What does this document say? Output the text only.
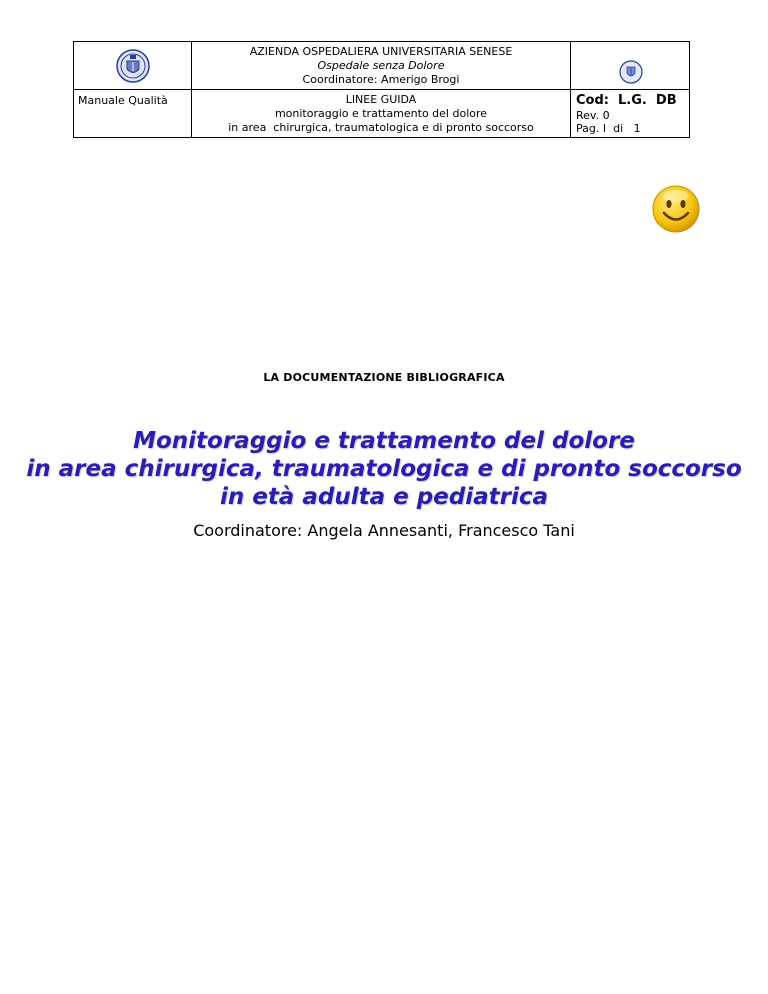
AZIENDA OSPEDALIERA UNIVERSITARIA SENESE
Ospedale senza Dolore
Coordinatore: Amerigo Brogi
Manuale Qualità	LINEE GUIDA
monitoraggio e trattamento del dolore
in area  chirurgica, traumatologica e di pronto soccorso
Cod:  L.G.  DB
Rev. 0
Pag. I  di   1
LA DOCUMENTAZIONE BIBLIOGRAFICA
Monitoraggio e trattamento del dolore
in area chirurgica, traumatologica e di pronto soccorso
in età adulta e pediatrica
Coordinatore: Angela Annesanti, Francesco Tani
